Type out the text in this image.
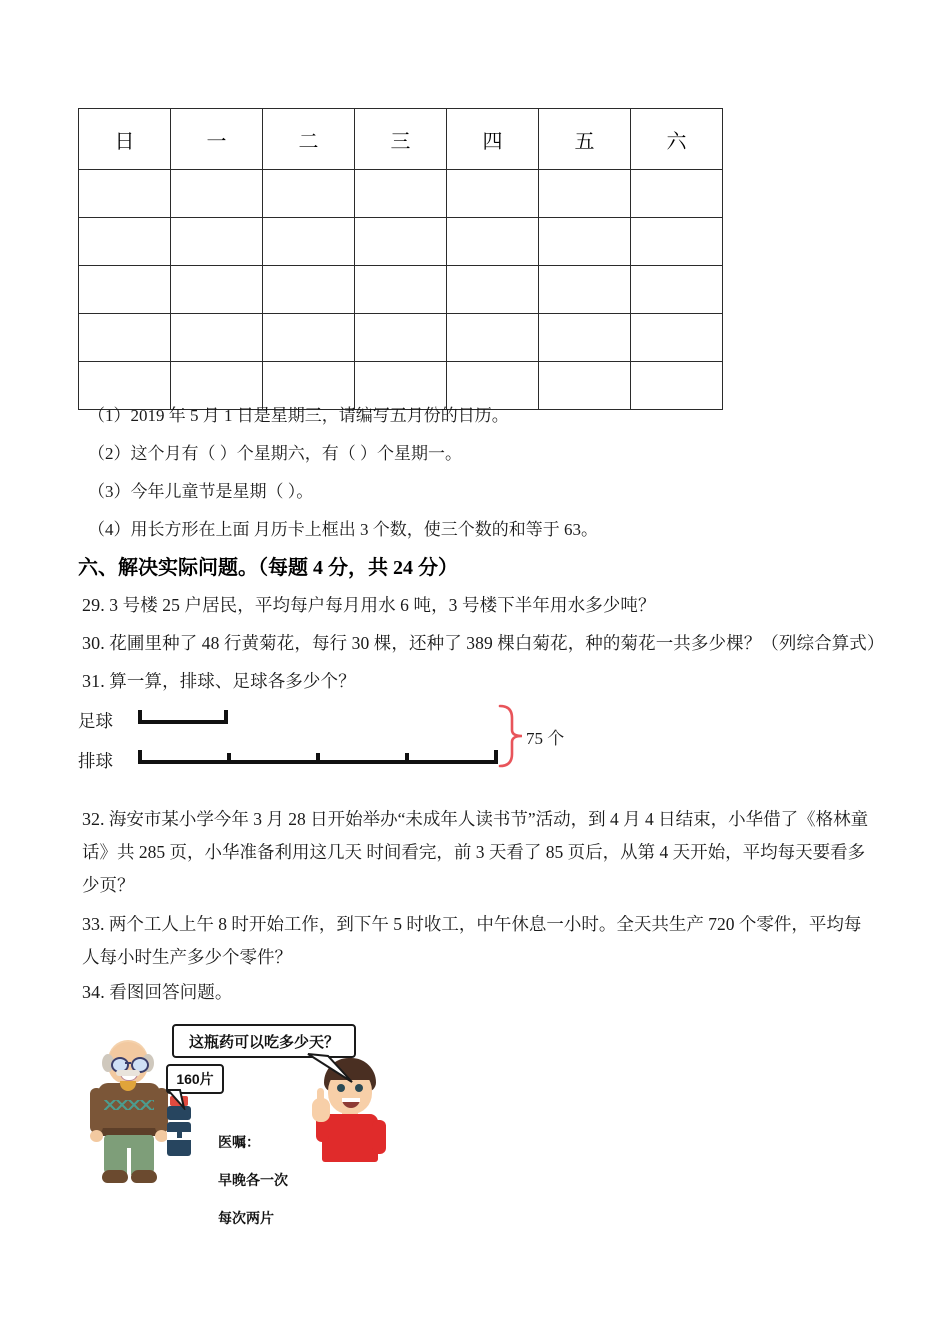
日	一	二	三	四	五	六

（1）2019 年 5 月 1 日是星期三，请编写五月份的日历。
（2）这个月有（ ）个星期六，有（ ）个星期一。
（3）今年儿童节是星期（ ）。
（4）用长方形在上面 月历卡上框出 3 个数，使三个数的和等于 63。
六、解决实际问题。（每题 4 分，共 24 分）
29. 3 号楼 25 户居民，平均每户每月用水 6 吨，3 号楼下半年用水多少吨？
30. 花圃里种了 48 行黄菊花，每行 30 棵，还种了 389 棵白菊花，种的菊花一共多少棵？（列综合算式）
31. 算一算，排球、足球各多少个？
足球
排球
75 个
32. 海安市某小学今年 3 月 28 日开始举办“未成年人读书节”活动，到 4 月 4 日结束，小华借了《格林童话》共 285 页，小华准备利用这几天 时间看完，前 3 天看了 85 页后，从第 4 天开始，平均每天要看多少页？
33. 两个工人上午 8 时开始工作，到下午 5 时收工，中午休息一小时。全天共生产 720 个零件，平均每人每小时生产多少个零件？
34. 看图回答问题。
这瓶药可以吃多少天？
160片

医嘱：

早晚各一次

每次两片
